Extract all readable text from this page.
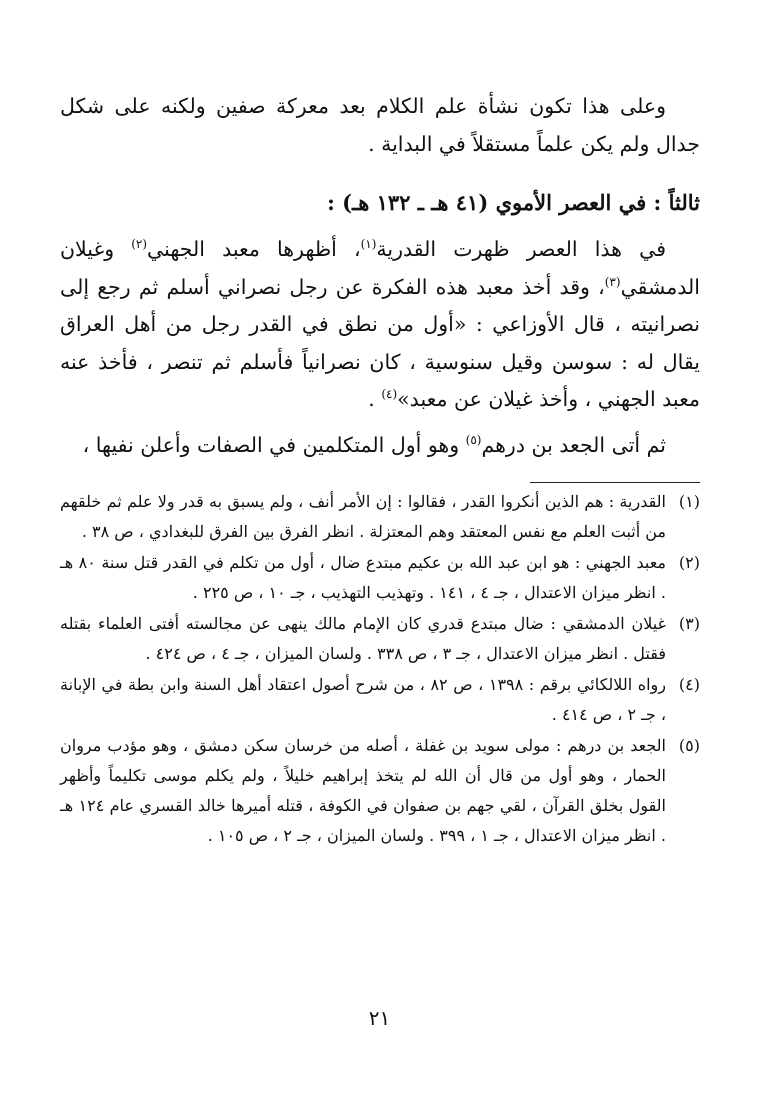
وعلى هذا تكون نشأة علم الكلام بعد معركة صفين ولكنه على شكل جدال ولم يكن علماً مستقلاً في البداية .

ثالثاً : في العصر الأموي (٤١ هـ ـ ١٣٢ هـ) :

في هذا العصر ظهرت القدرية$^{(١)}$، أظهرها معبد الجهني$^{(٢)}$ وغيلان الدمشقي$^{(٣)}$، وقد أخذ معبد هذه الفكرة عن رجل نصراني أسلم ثم رجع إلى نصرانيته ، قال الأوزاعي : «أول من نطق في القدر رجل من أهل العراق يقال له : سوسن وقيل سنوسية ، كان نصرانياً فأسلم ثم تنصر ، فأخذ عنه معبد الجهني ، وأخذ غيلان عن معبد»$^{(٤)}$ .

ثم أتى الجعد بن درهم$^{(٥)}$ وهو أول المتكلمين في الصفات وأعلن نفيها ،

(١)
القدرية : هم الذين أنكروا القدر ، فقالوا : إن الأمر أنف ، ولم يسبق به قدر ولا علم ثم خلقهم من أثبت العلم مع نفس المعتقد وهم المعتزلة . انظر الفرق بين الفرق للبغدادي ، ص ٣٨ .
(٢)
معبد الجهني : هو ابن عبد الله بن عكيم مبتدع ضال ، أول من تكلم في القدر قتل سنة ٨٠ هـ . انظر ميزان الاعتدال ، جـ ٤ ، ١٤١ . وتهذيب التهذيب ، جـ ١٠ ، ص ٢٢٥ .
(٣)
غيلان الدمشقي : ضال مبتدع قدري كان الإمام مالك ينهى عن مجالسته أفتى العلماء بقتله فقتل . انظر ميزان الاعتدال ، جـ ٣ ، ص ٣٣٨ . ولسان الميزان ، جـ ٤ ، ص ٤٢٤ .
(٤)
رواه اللالكائي برقم : ١٣٩٨ ، ص ٨٢ ، من شرح أصول اعتقاد أهل السنة وابن بطة في الإبانة ، جـ ٢ ، ص ٤١٤ .
(٥)
الجعد بن درهم : مولى سويد بن غفلة ، أصله من خرسان سكن دمشق ، وهو مؤدب مروان الحمار ، وهو أول من قال أن الله لم يتخذ إبراهيم خليلاً ، ولم يكلم موسى تكليماً وأظهر القول بخلق القرآن ، لقي جهم بن صفوان في الكوفة ، قتله أميرها خالد القسري عام ١٢٤ هـ . انظر ميزان الاعتدال ، جـ ١ ، ٣٩٩ . ولسان الميزان ، جـ ٢ ، ص ١٠٥ .
٢١
